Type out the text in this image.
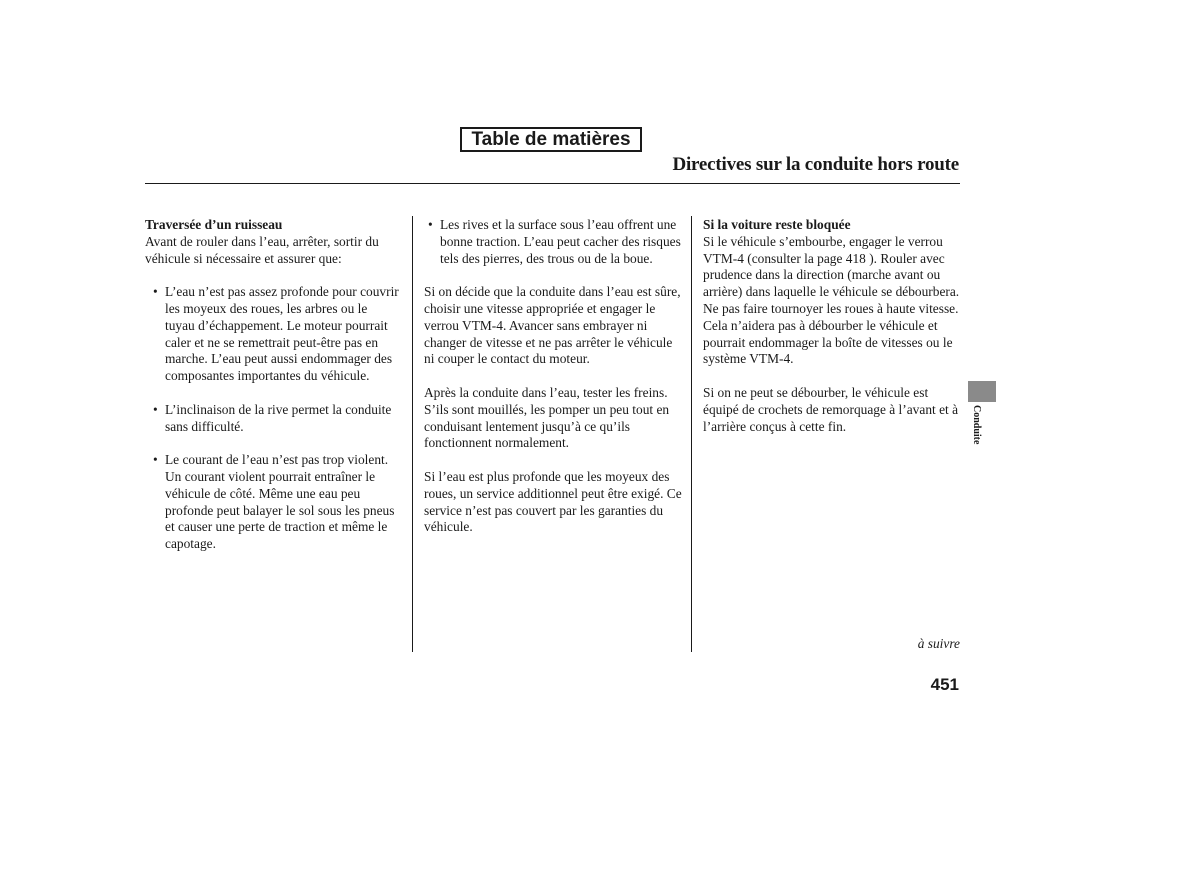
Table de matières
Directives sur la conduite hors route

Traversée d’un ruisseau

Avant de rouler dans l’eau, arrêter, sortir du véhicule si nécessaire et assurer que:

• L’eau n’est pas assez profonde pour couvrir les moyeux des roues, les arbres ou le tuyau d’échappement. Le moteur pourrait caler et ne se remettrait peut-être pas en marche. L’eau peut aussi endommager des composantes importantes du véhicule.
• L’inclinaison de la rive permet la conduite sans difficulté.
• Le courant de l’eau n’est pas trop violent. Un courant violent pourrait entraîner le véhicule de côté. Même une eau peu profonde peut balayer le sol sous les pneus et causer une perte de traction et même le capotage.
• Les rives et la surface sous l’eau offrent une bonne traction. L’eau peut cacher des risques tels des pierres, des trous ou de la boue.

Si on décide que la conduite dans l’eau est sûre, choisir une vitesse appropriée et engager le verrou VTM-4. Avancer sans embrayer ni changer de vitesse et ne pas arrêter le véhicule ni couper le contact du moteur.

Après la conduite dans l’eau, tester les freins. S’ils sont mouillés, les pomper un peu tout en conduisant lentement jusqu’à ce qu’ils fonctionnent normalement.

Si l’eau est plus profonde que les moyeux des roues, un service additionnel peut être exigé. Ce service n’est pas couvert par les garanties du véhicule.

Si la voiture reste bloquée

Si le véhicule s’embourbe, engager le verrou VTM-4 (consulter la page 418 ). Rouler avec prudence dans la direction (marche avant ou arrière) dans laquelle le véhicule se débourbera. Ne pas faire tournoyer les roues à haute vitesse. Cela n’aidera pas à débourber le véhicule et pourrait endommager la boîte de vitesses ou le système VTM-4.

Si on ne peut se débourber, le véhicule est équipé de crochets de remorquage à l’avant et à l’arrière conçus à cette fin.	Conduite
à suivre
451
